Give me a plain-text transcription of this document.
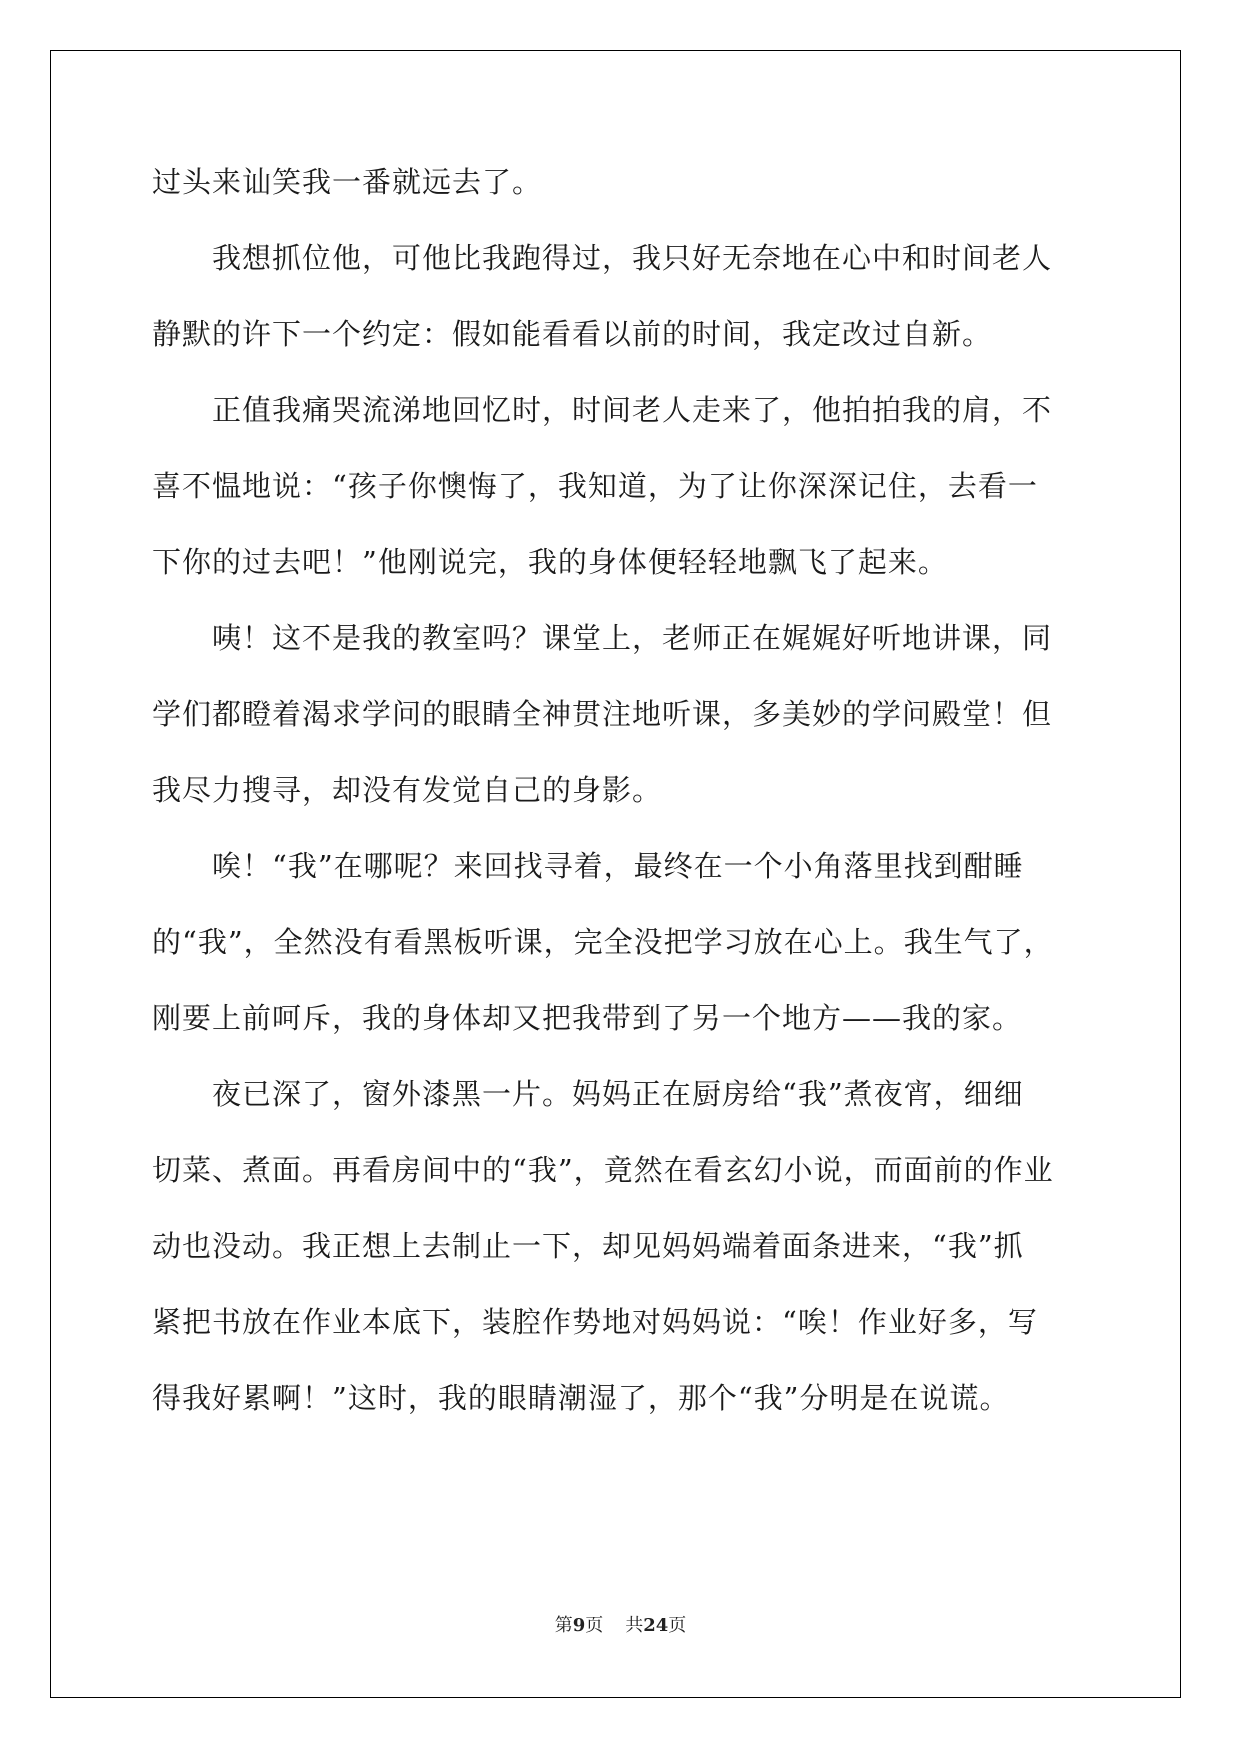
过头来讪笑我一番就远去了。
我想抓位他，可他比我跑得过，我只好无奈地在心中和时间老人
静默的许下一个约定：假如能看看以前的时间，我定改过自新。
正值我痛哭流涕地回忆时，时间老人走来了，他拍拍我的肩，不
喜不愠地说：“孩子你懊悔了，我知道，为了让你深深记住，去看一
下你的过去吧！”他刚说完，我的身体便轻轻地飘飞了起来。
咦！这不是我的教室吗？课堂上，老师正在娓娓好听地讲课，同
学们都瞪着渴求学问的眼睛全神贯注地听课，多美妙的学问殿堂！但
我尽力搜寻，却没有发觉自己的身影。
唉！“我”在哪呢？来回找寻着，最终在一个小角落里找到酣睡
的“我”，全然没有看黑板听课，完全没把学习放在心上。我生气了，
刚要上前呵斥，我的身体却又把我带到了另一个地方——我的家。
夜已深了，窗外漆黑一片。妈妈正在厨房给“我”煮夜宵，细细
切菜、煮面。再看房间中的“我”，竟然在看玄幻小说，而面前的作业
动也没动。我正想上去制止一下，却见妈妈端着面条进来，“我”抓
紧把书放在作业本底下，装腔作势地对妈妈说：“唉！作业好多，写
得我好累啊！”这时，我的眼睛潮湿了，那个“我”分明是在说谎。
第9页 共24页
